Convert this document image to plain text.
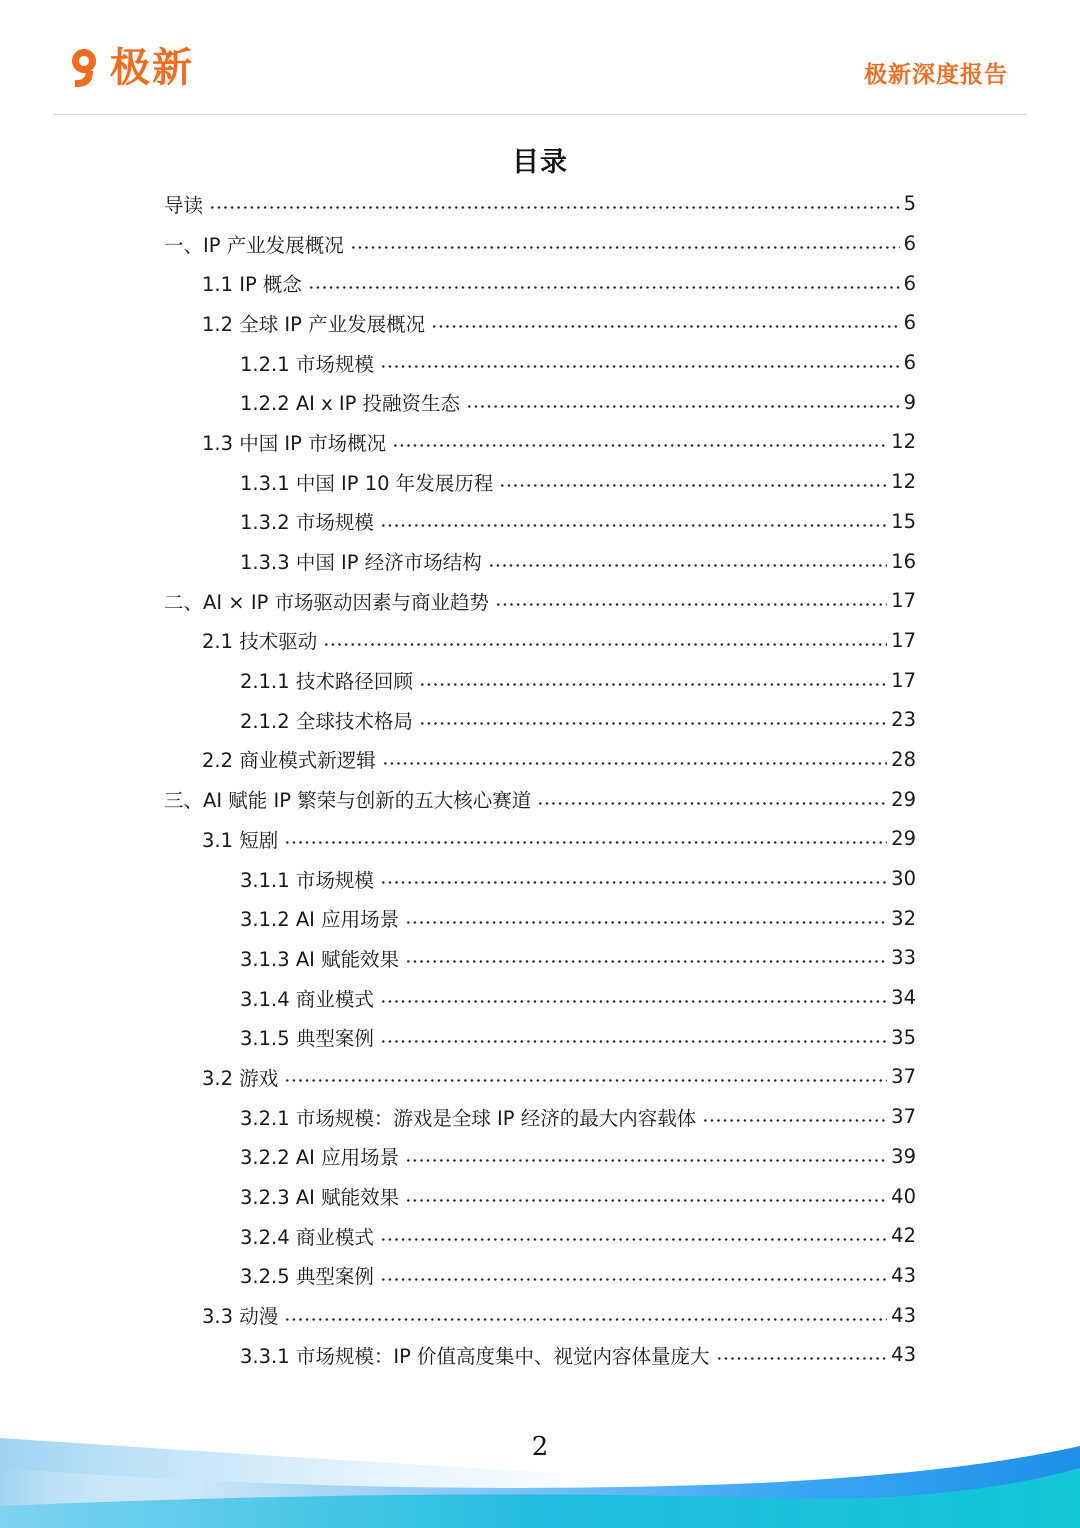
极新	极新深度报告
目录
导读	5
一、IP 产业发展概况	6
1.1 IP 概念	6
1.2 全球 IP 产业发展概况	6
1.2.1 市场规模	6
1.2.2 AI x IP 投融资生态	9
1.3 中国 IP 市场概况	12
1.3.1 中国 IP 10 年发展历程	12
1.3.2 市场规模	15
1.3.3 中国 IP 经济市场结构	16
二、AI × IP 市场驱动因素与商业趋势	17
2.1 技术驱动	17
2.1.1 技术路径回顾	17
2.1.2 全球技术格局	23
2.2 商业模式新逻辑	28
三、AI 赋能 IP 繁荣与创新的五大核心赛道	29
3.1 短剧	29
3.1.1 市场规模	30
3.1.2 AI 应用场景	32
3.1.3 AI 赋能效果	33
3.1.4 商业模式	34
3.1.5 典型案例	35
3.2 游戏	37
3.2.1 市场规模：游戏是全球 IP 经济的最大内容载体	37
3.2.2 AI 应用场景	39
3.2.3 AI 赋能效果	40
3.2.4 商业模式	42
3.2.5 典型案例	43
3.3 动漫	43
3.3.1 市场规模：IP 价值高度集中、视觉内容体量庞大	43
2
